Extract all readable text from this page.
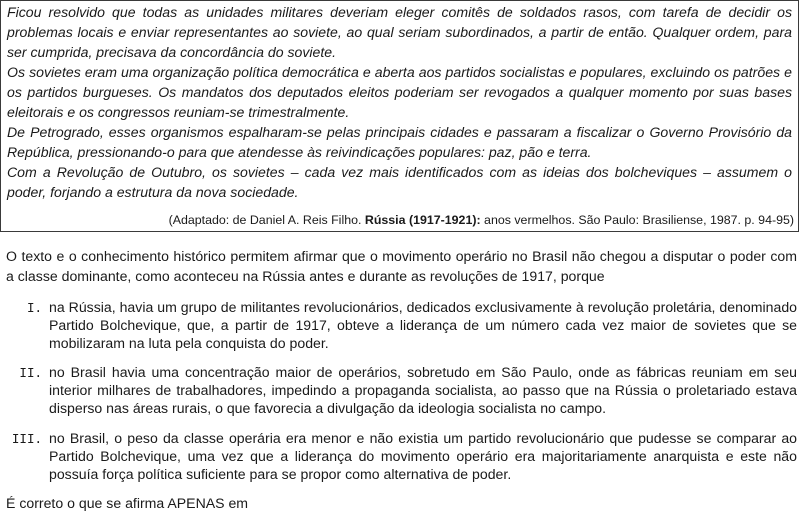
Ficou resolvido que todas as unidades militares deveriam eleger comitês de soldados rasos, com tarefa de decidir os problemas locais e enviar representantes ao soviete, ao qual seriam subordinados, a partir de então. Qualquer ordem, para ser cumprida, precisava da concordância do soviete.

Os sovietes eram uma organização política democrática e aberta aos partidos socialistas e populares, excluindo os patrões e os partidos burgueses. Os mandatos dos deputados eleitos poderiam ser revogados a qualquer momento por suas bases eleitorais e os congressos reuniam-se trimestralmente.

De Petrogrado, esses organismos espalharam-se pelas principais cidades e passaram a fiscalizar o Governo Provisório da República, pressionando-o para que atendesse às reivindicações populares: paz, pão e terra.

Com a Revolução de Outubro, os sovietes – cada vez mais identificados com as ideias dos bolcheviques – assumem o poder, forjando a estrutura da nova sociedade.

(Adaptado: de Daniel A. Reis Filho. Rússia (1917-1921): anos vermelhos. São Paulo: Brasiliense, 1987. p. 94-95)

O texto e o conhecimento histórico permitem afirmar que o movimento operário no Brasil não chegou a disputar o poder com a classe dominante, como aconteceu na Rússia antes e durante as revoluções de 1917, porque

I. na Rússia, havia um grupo de militantes revolucionários, dedicados exclusivamente à revolução proletária, denominado Partido Bolchevique, que, a partir de 1917, obteve a liderança de um número cada vez maior de sovietes que se mobilizaram na luta pela conquista do poder.

II. no Brasil havia uma concentração maior de operários, sobretudo em São Paulo, onde as fábricas reuniam em seu interior milhares de trabalhadores, impedindo a propaganda socialista, ao passo que na Rússia o proletariado estava disperso nas áreas rurais, o que favorecia a divulgação da ideologia socialista no campo.

III. no Brasil, o peso da classe operária era menor e não existia um partido revolucionário que pudesse se comparar ao Partido Bolchevique, uma vez que a liderança do movimento operário era majoritariamente anarquista e este não possuía força política suficiente para se propor como alternativa de poder.

É correto o que se afirma APENAS em
